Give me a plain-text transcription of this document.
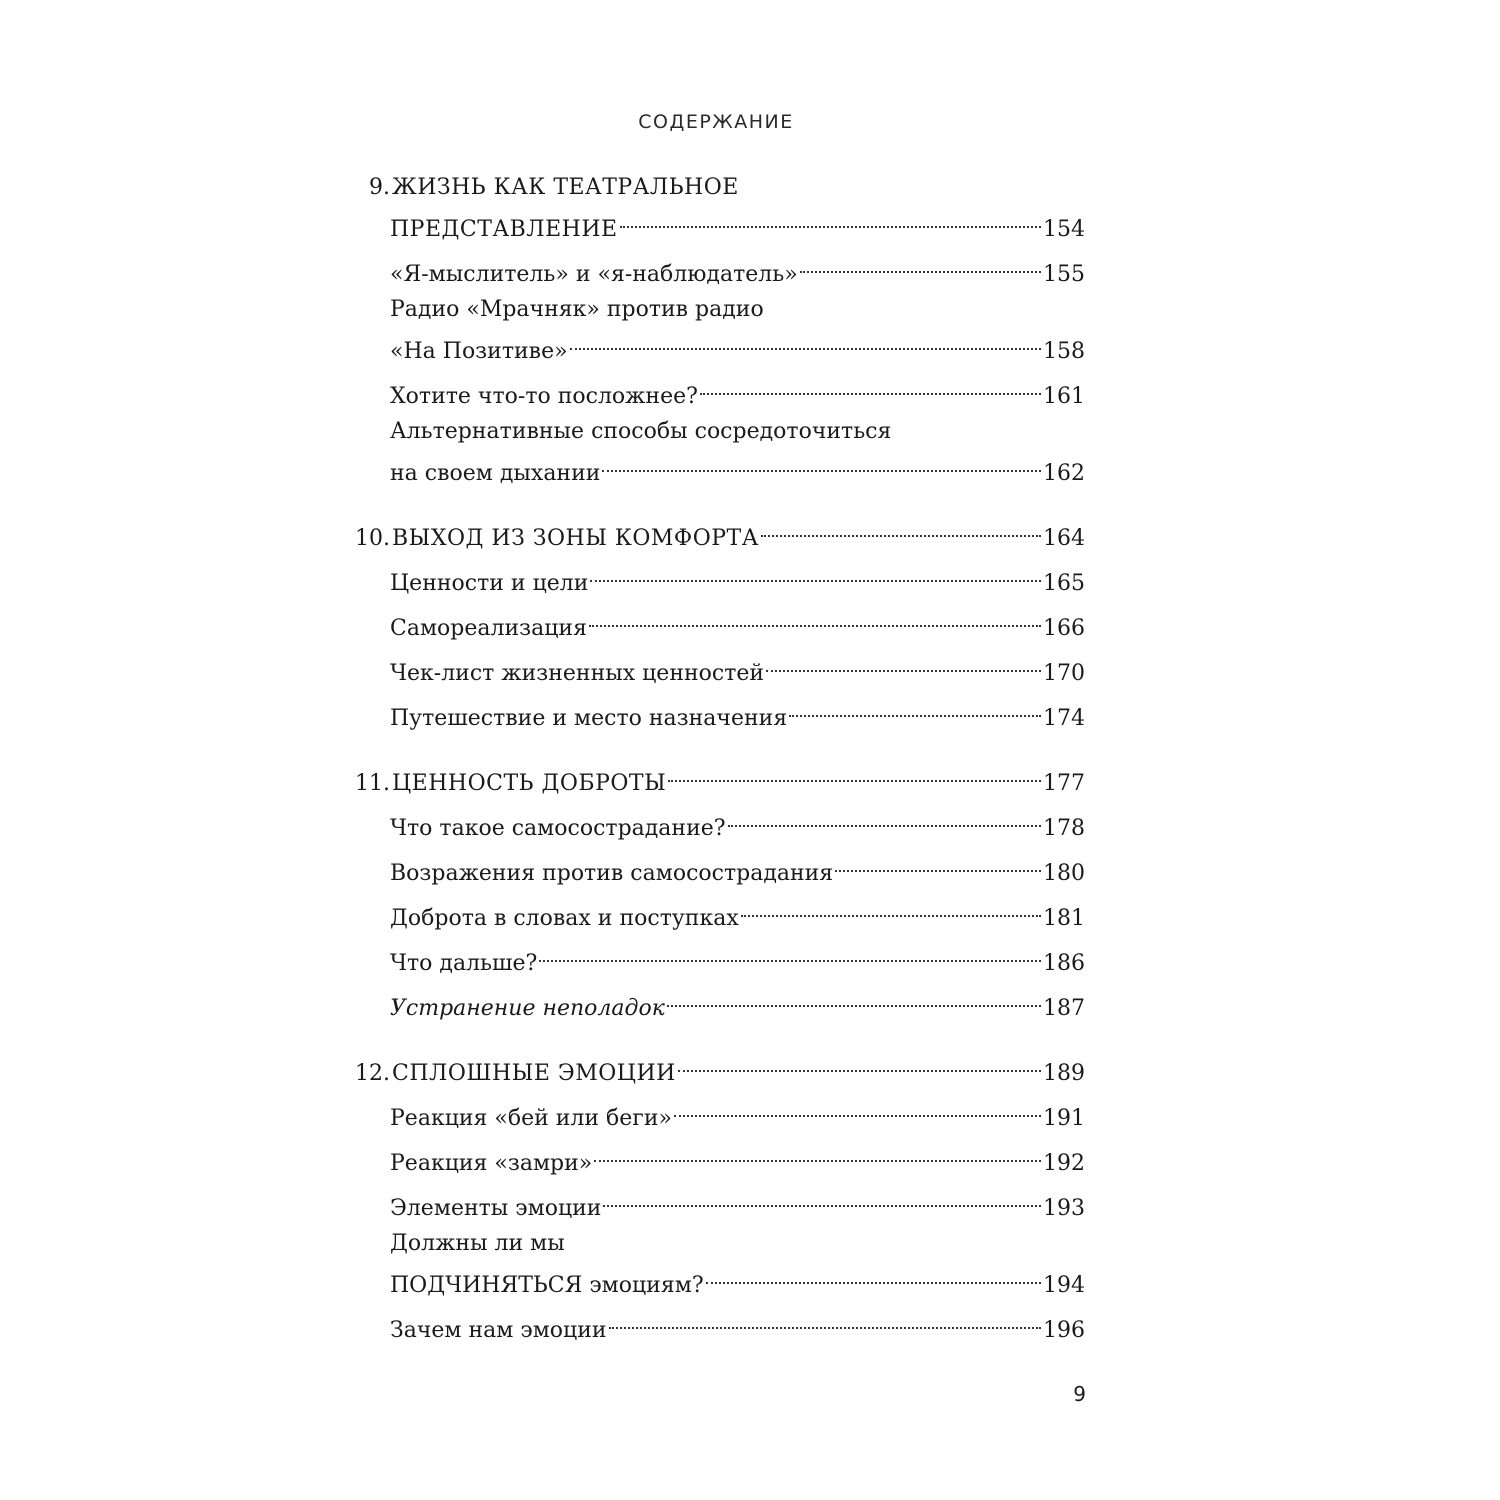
СОДЕРЖАНИЕ
9. ЖИЗНЬ КАК ТЕАТРАЛЬНОЕ
ПРЕДСТАВЛЕНИЕ	154
«Я-мыслитель» и «я-наблюдатель»	155
Радио «Мрачняк» против радио
«На Позитиве»	158
Хотите что-то посложнее?	161
Альтернативные способы сосредоточиться
на своем дыхании	162
10. ВЫХОД ИЗ ЗОНЫ КОМФОРТА	164
Ценности и цели	165
Самореализация	166
Чек-лист жизненных ценностей	170
Путешествие и место назначения	174
11. ЦЕННОСТЬ ДОБРОТЫ	177
Что такое самосострадание?	178
Возражения против самосострадания	180
Доброта в словах и поступках	181
Что дальше?	186
Устранение неполадок	187
12. СПЛОШНЫЕ ЭМОЦИИ	189
Реакция «бей или беги»	191
Реакция «замри»	192
Элементы эмоции	193
Должны ли мы
ПОДЧИНЯТЬСЯ эмоциям?	194
Зачем нам эмоции	196
9
